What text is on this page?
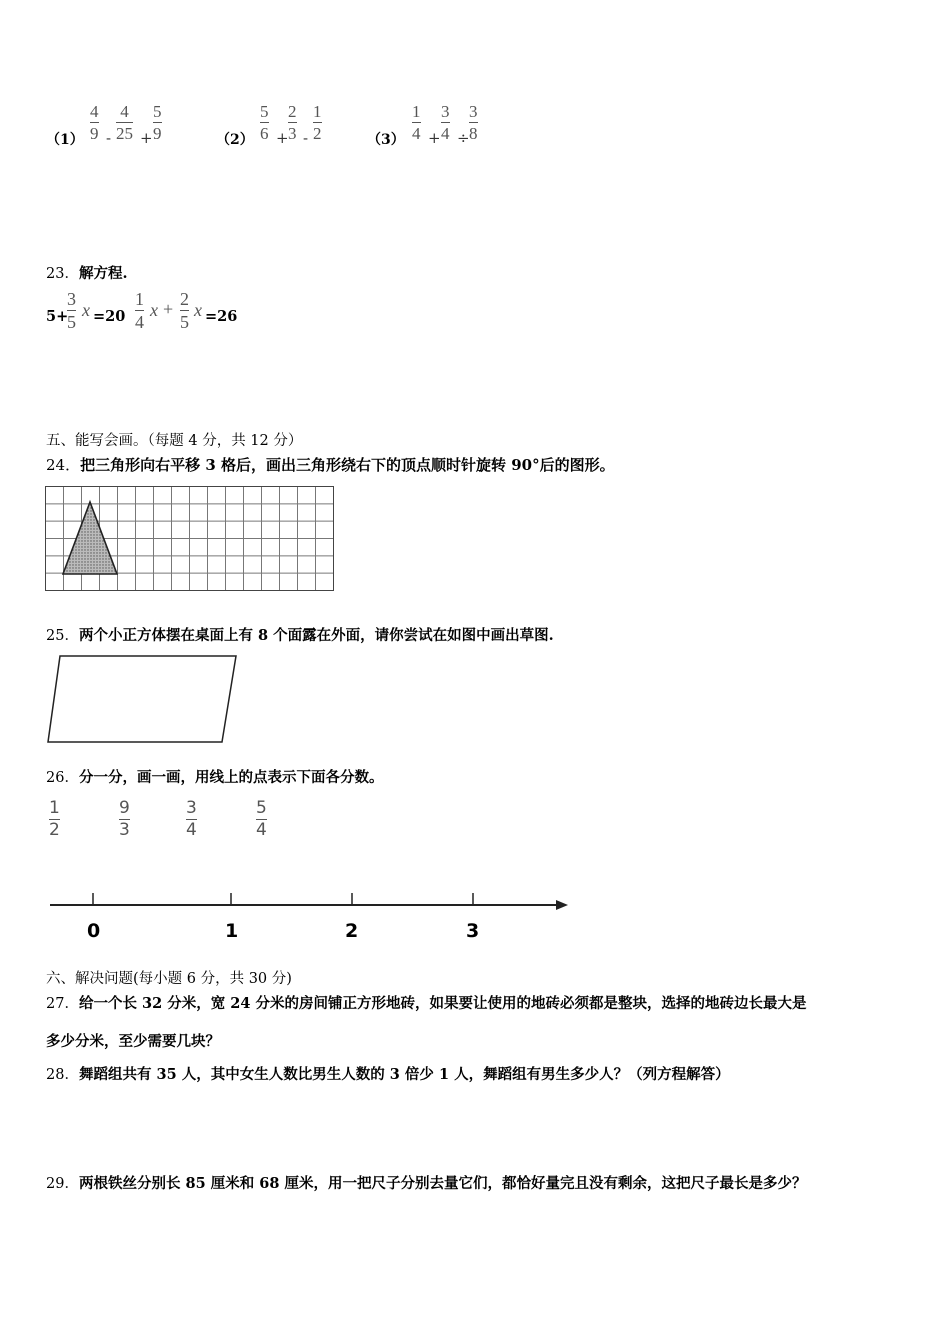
（1）
4
9 -
4
25 +
5
9	（2）
5
6 +
2
3 -
1
2	（3）
1
4 +
3
4 ÷
3
8
23．解方程.
5+
3
5
x =20
1
4
x + 2
5
x =26
五、能写会画。（每题 4 分，共 12 分）
24．把三角形向右平移 3 格后，画出三角形绕右下的顶点顺时针旋转 90°后的图形。
25．两个小正方体摆在桌面上有 8 个面露在外面，请你尝试在如图中画出草图.
26．分一分，画一画，用线上的点表示下面各分数。
1
2
9
3
3
4
5
4
0	1	2	3
六、解决问题(每小题 6 分，共 30 分)
27．给一个长 32 分米，宽 24 分米的房间铺正方形地砖，如果要让使用的地砖必须都是整块，选择的地砖边长最大是
多少分米，至少需要几块？
28．舞蹈组共有 35 人，其中女生人数比男生人数的 3 倍少 1 人，舞蹈组有男生多少人？（列方程解答）
29．两根铁丝分别长 85 厘米和 68 厘米，用一把尺子分别去量它们，都恰好量完且没有剩余，这把尺子最长是多少？
